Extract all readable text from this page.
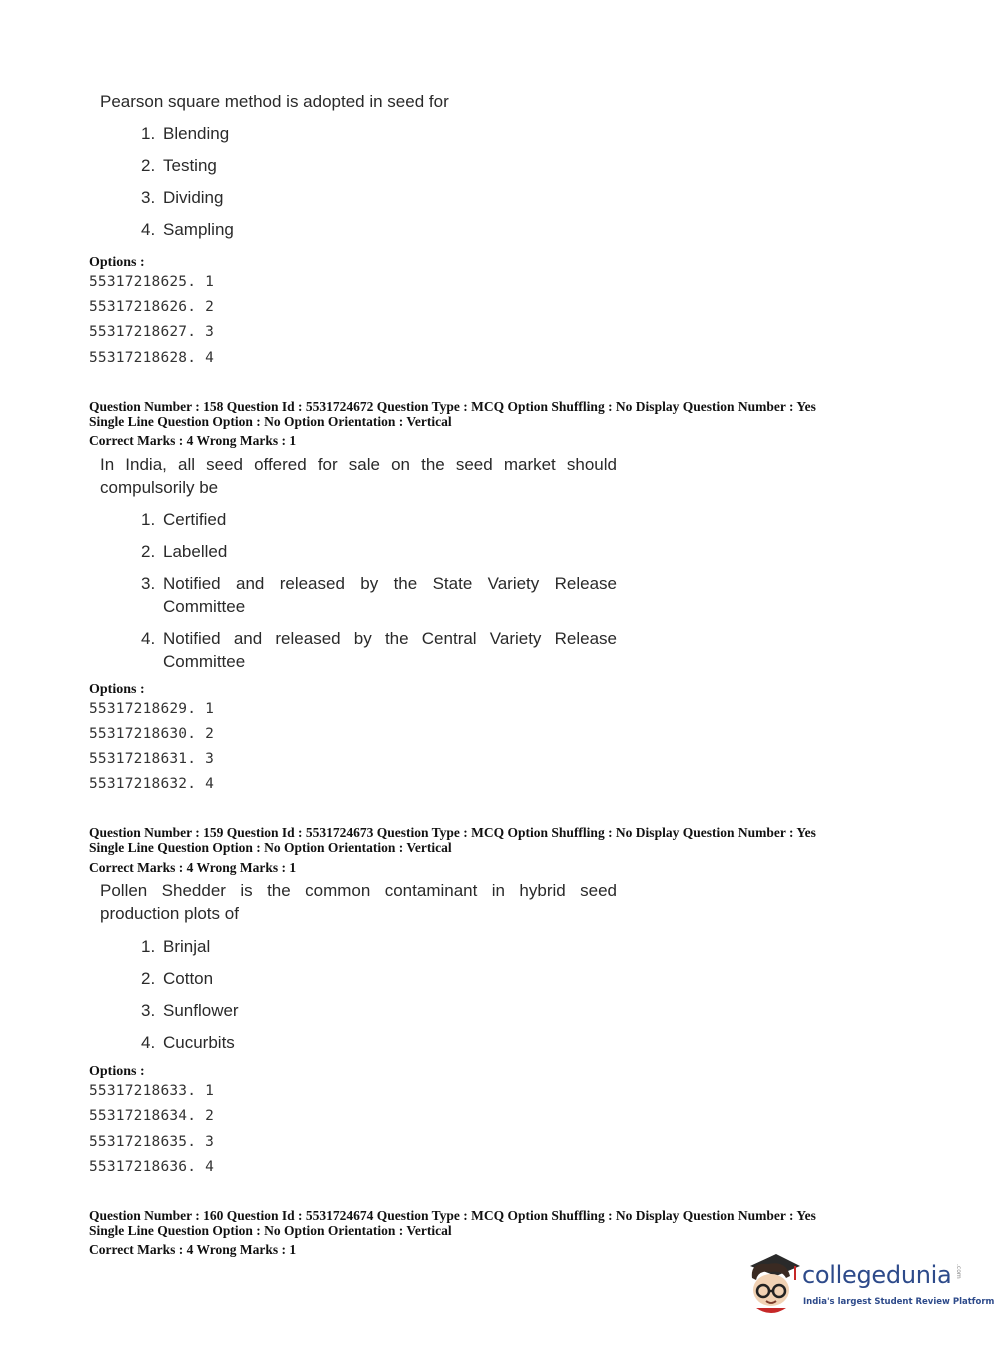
Pearson square method is adopted in seed for
1. Blending
2. Testing
3. Dividing
4. Sampling
Options :
55317218625. 1
55317218626. 2
55317218627. 3
55317218628. 4
Question Number : 158 Question Id : 5531724672 Question Type : MCQ Option Shuffling : No Display Question Number : Yes
Single Line Question Option : No Option Orientation : Vertical
Correct Marks : 4 Wrong Marks : 1
In India, all seed offered for sale on the seed market should compulsorily be
1. Certified
2. Labelled
3. Notified and released by the State Variety Release Committee
4. Notified and released by the Central Variety Release Committee
Options :
55317218629. 1
55317218630. 2
55317218631. 3
55317218632. 4
Question Number : 159 Question Id : 5531724673 Question Type : MCQ Option Shuffling : No Display Question Number : Yes
Single Line Question Option : No Option Orientation : Vertical
Correct Marks : 4 Wrong Marks : 1
Pollen Shedder is the common contaminant in hybrid seed production plots of
1. Brinjal
2. Cotton
3. Sunflower
4. Cucurbits
Options :
55317218633. 1
55317218634. 2
55317218635. 3
55317218636. 4
Question Number : 160 Question Id : 5531724674 Question Type : MCQ Option Shuffling : No Display Question Number : Yes
Single Line Question Option : No Option Orientation : Vertical
Correct Marks : 4 Wrong Marks : 1
collegedunia .com
India's largest Student Review Platform
